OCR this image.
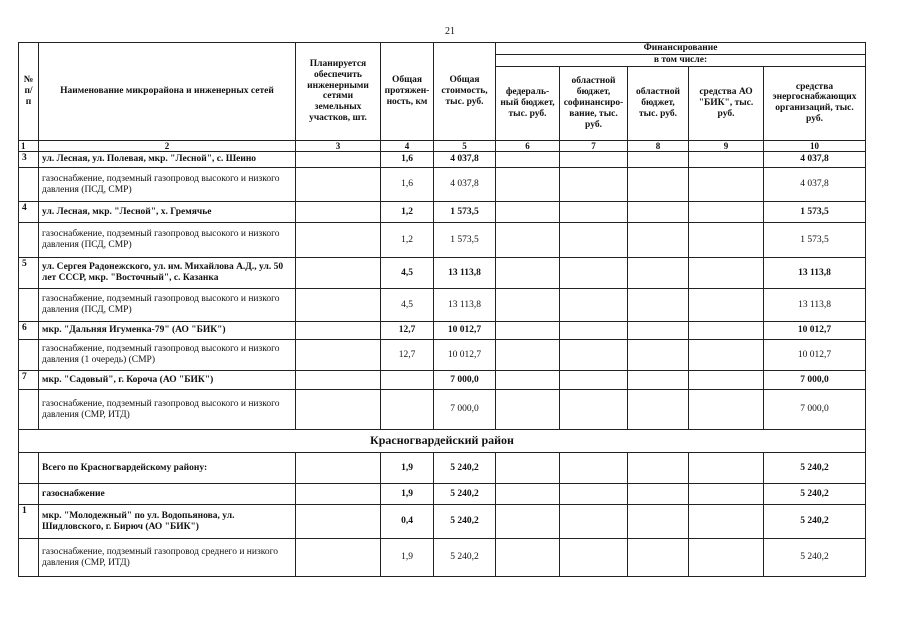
21
№ п/п	Наименование микрорайона и инженерных сетей	Планируется обеспечить инженерными сетями земельных участков, шт.	Общая протяжен-ность, км	Общая стоимость, тыс. руб.	Финансирование				
					в том числе:				
					федераль-ный бюджет, тыс. руб.	областной бюджет, софинансиро-вание, тыс. руб.	областной бюджет, тыс. руб.	средства АО "БИК", тыс. руб.	средства энергоснабжающих организаций, тыс. руб.
1	2	3	4	5	6	7	8	9	10
3	ул. Лесная, ул. Полевая, мкр. "Лесной", с. Шеино		1,6	4 037,8					4 037,8
	газоснабжение, подземный газопровод высокого и низкого давления (ПСД, СМР)		1,6	4 037,8					4 037,8
4	ул. Лесная, мкр. "Лесной", х. Гремячье		1,2	1 573,5					1 573,5
	газоснабжение, подземный газопровод высокого и низкого давления (ПСД, СМР)		1,2	1 573,5					1 573,5
5	ул. Сергея Радонежского, ул. им. Михайлова А.Д., ул. 50 лет СССР, мкр. "Восточный", с. Казанка		4,5	13 113,8					13 113,8
	газоснабжение, подземный газопровод высокого и низкого давления (ПСД, СМР)		4,5	13 113,8					13 113,8
6	мкр. "Дальняя Игуменка-79" (АО "БИК")		12,7	10 012,7					10 012,7
	газоснабжение, подземный газопровод высокого и низкого давления (1 очередь) (СМР)		12,7	10 012,7					10 012,7
7	мкр. "Садовый", г. Короча (АО "БИК")			7 000,0					7 000,0
	газоснабжение, подземный газопровод высокого и низкого давления (СМР, ИТД)			7 000,0					7 000,0
Красногвардейский район									
	Всего по Красногвардейскому району:		1,9	5 240,2					5 240,2
	газоснабжение		1,9	5 240,2					5 240,2
1	мкр. "Молодежный" по ул. Водопьянова, ул. Шидловского, г. Бирюч (АО "БИК")		0,4	5 240,2					5 240,2
	газоснабжение, подземный газопровод среднего и низкого давления (СМР, ИТД)		1,9	5 240,2					5 240,2
